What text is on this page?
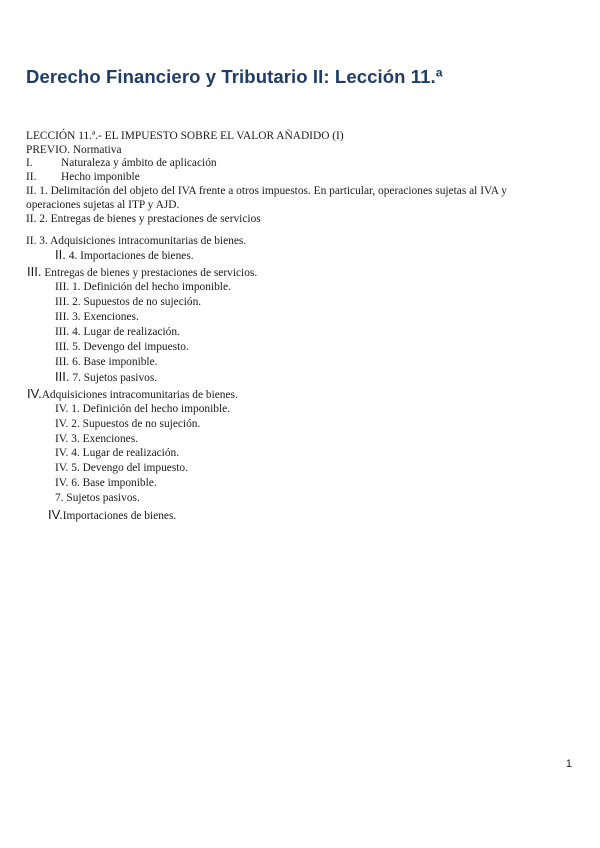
Derecho Financiero y Tributario II: Lección 11.ª
LECCIÓN 11.ª.- EL IMPUESTO SOBRE EL VALOR AÑADIDO (I)
PREVIO. Normativa
I. Naturaleza y ámbito de aplicación
II. Hecho imponible
II. 1. Delimitación del objeto del IVA frente a otros impuestos. En particular, operaciones sujetas al IVA y operaciones sujetas al ITP y AJD.
II. 2. Entregas de bienes y prestaciones de servicios
II. 3. Adquisiciones intracomunitarias de bienes.
II. 4. Importaciones de bienes.
III. Entregas de bienes y prestaciones de servicios.
III. 1. Definición del hecho imponible.
III. 2. Supuestos de no sujeción.
III. 3. Exenciones.
III. 4. Lugar de realización.
III. 5. Devengo del impuesto.
III. 6. Base imponible.
III. 7. Sujetos pasivos.
IV.Adquisiciones intracomunitarias de bienes.
IV. 1. Definición del hecho imponible.
IV. 2. Supuestos de no sujeción.
IV. 3. Exenciones.
IV. 4. Lugar de realización.
IV. 5. Devengo del impuesto.
IV. 6. Base imponible.
7. Sujetos pasivos.
IV.Importaciones de bienes.
1
